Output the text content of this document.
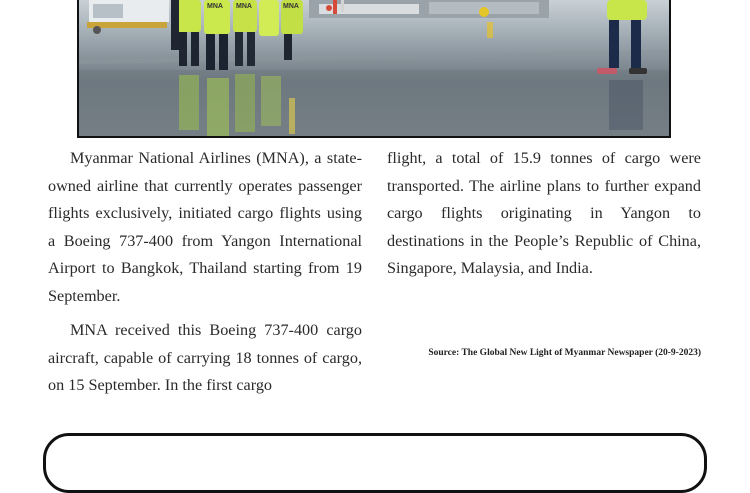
MNA MNA	MNA

Myanmar National Airlines (MNA), a state-owned airline that currently operates passenger flights exclusively, initiated cargo flights using a Boeing 737-400 from Yangon International Airport to Bangkok, Thailand starting from 19 September.

MNA received this Boeing 737-400 cargo aircraft, capable of carrying 18 tonnes of cargo, on 15 September. In the first cargo

flight, a total of 15.9 tonnes of cargo were transported. The airline plans to further expand cargo flights originating in Yangon to destinations in the People’s Republic of China, Singapore, Malaysia, and India.

Source: The Global New Light of Myanmar Newspaper (20-9-2023)
